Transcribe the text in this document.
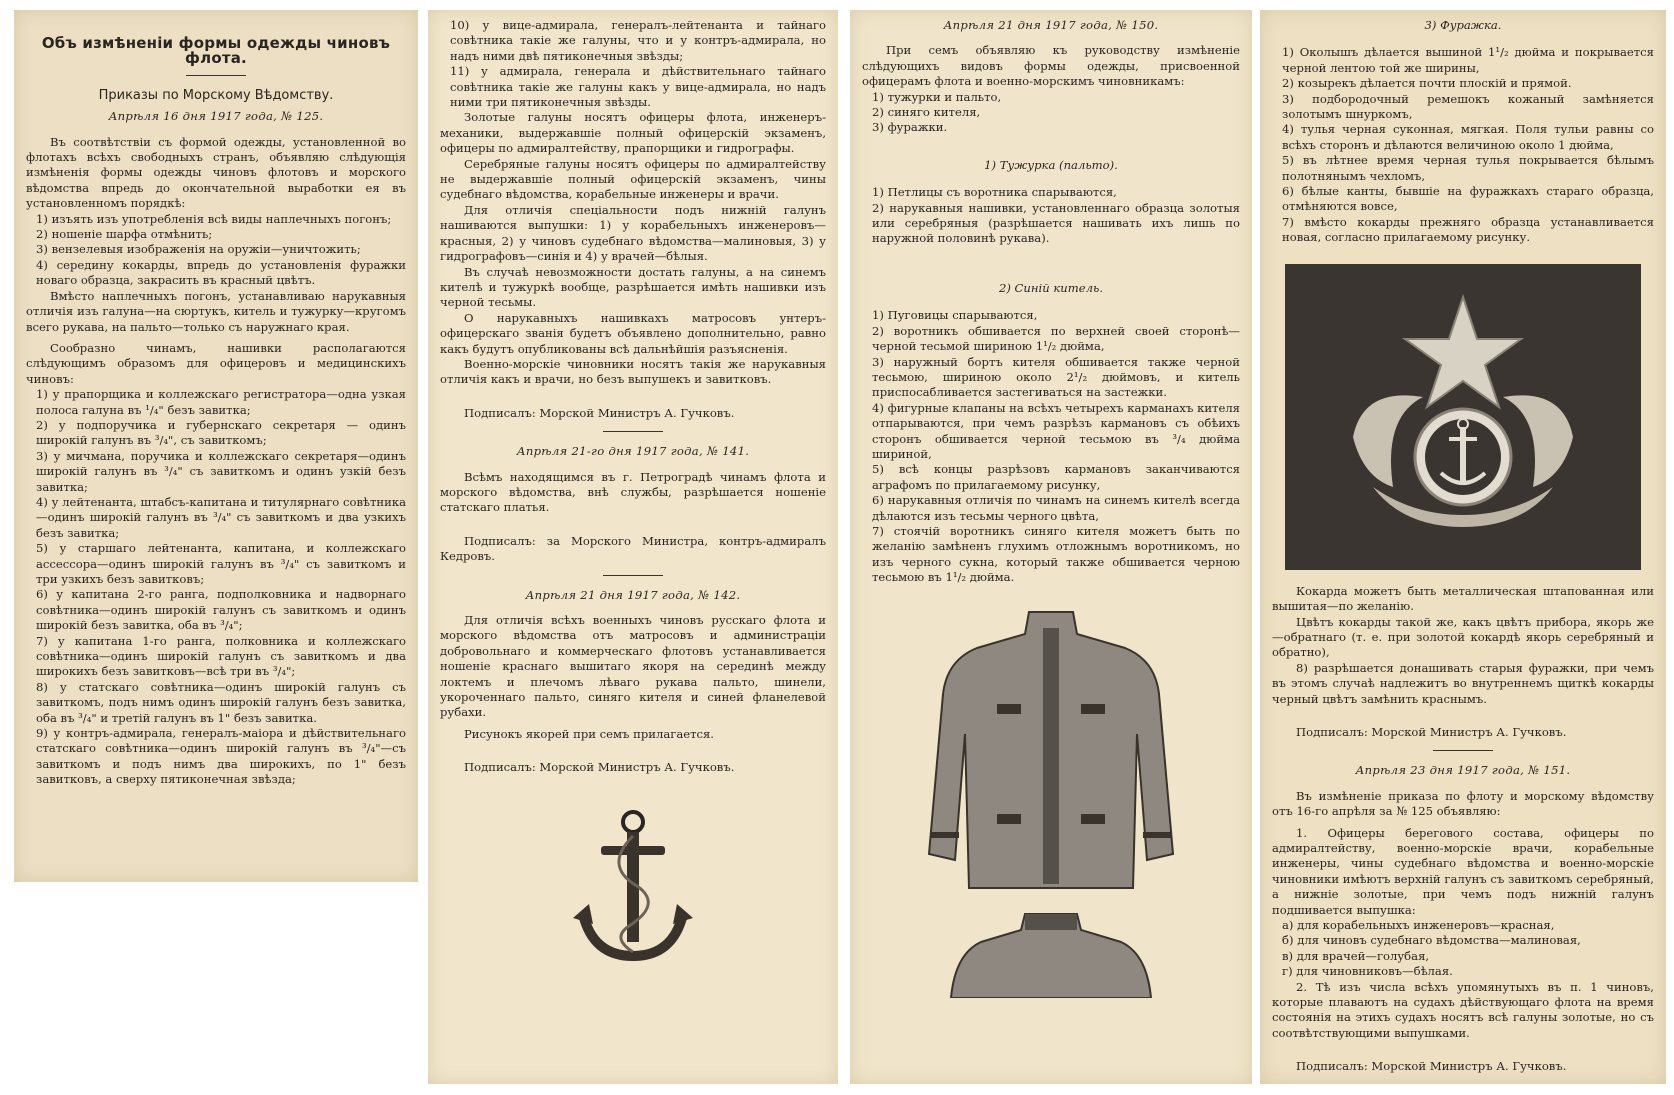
Объ измѣненіи формы одежды чиновъ флота.
Приказы по Морскому Вѣдомству.
Апрѣля 16 дня 1917 года, № 125.

Въ соотвѣтствіи съ формой одежды, установленной во флотахъ всѣхъ свободныхъ странъ, объявляю слѣдующія измѣненія формы одежды чиновъ флотовъ и морского вѣдомства впредь до окончательной выработки ея въ установленномъ порядкѣ:

1) изъять изъ употребленія всѣ виды наплечныхъ погонъ;

2) ношеніе шарфа отмѣнить;

3) вензелевыя изображенія на оружіи—уничтожить;

4) середину кокарды, впредь до установленія фуражки новаго образца, закрасить въ красный цвѣтъ.

Вмѣсто наплечныхъ погонъ, устанавливаю нарукавныя отличія изъ галуна—на сюртукъ, китель и тужурку—кругомъ всего рукава, на пальто—только съ наружнаго края.

Сообразно чинамъ, нашивки располагаются слѣдующимъ образомъ для офицеровъ и медицинскихъ чиновъ:

1) у прапорщика и коллежскаго регистратора—одна узкая полоса галуна въ ¹/₄" безъ завитка;

2) у подпоручика и губернскаго секретаря — одинъ широкій галунъ въ ³/₄", съ завиткомъ;

3) у мичмана, поручика и коллежскаго секретаря—одинъ широкій галунъ въ ³/₄" съ завиткомъ и одинъ узкій безъ завитка;

4) у лейтенанта, штабсъ-капитана и титулярнаго совѣтника—одинъ широкій галунъ въ ³/₄" съ завиткомъ и два узкихъ безъ завитка;

5) у старшаго лейтенанта, капитана, и коллежскаго ассессора—одинъ широкій галунъ въ ³/₄" съ завиткомъ и три узкихъ безъ завитковъ;

6) у капитана 2-го ранга, подполковника и надворнаго совѣтника—одинъ широкій галунъ съ завиткомъ и одинъ широкій безъ завитка, оба въ ³/₄";

7) у капитана 1-го ранга, полковника и коллежскаго совѣтника—одинъ широкій галунъ съ завиткомъ и два широкихъ безъ завитковъ—всѣ три въ ³/₄";

8) у статскаго совѣтника—одинъ широкій галунъ съ завиткомъ, подъ нимъ одинъ широкій галунъ безъ завитка, оба въ ³/₄" и третій галунъ въ 1" безъ завитка.

9) у контръ-адмирала, генералъ-маіора и дѣйствительнаго статскаго совѣтника—одинъ широкій галунъ въ ³/₄"—съ завиткомъ и подъ нимъ два широкихъ, по 1" безъ завитковъ, а сверху пятиконечная звѣзда;

10) у вице-адмирала, генералъ-лейтенанта и тайнаго совѣтника такіе же галуны, что и у контръ-адмирала, но надъ ними двѣ пятиконечныя звѣзды;

11) у адмирала, генерала и дѣйствительнаго тайнаго совѣтника такіе же галуны какъ у вице-адмирала, но надъ ними три пятиконечныя звѣзды.

Золотые галуны носятъ офицеры флота, инженеръ-механики, выдержавшіе полный офицерскій экзаменъ, офицеры по адмиралтейству, прапорщики и гидрографы.

Серебряные галуны носятъ офицеры по адмиралтейству не выдержавшіе полный офицерскій экзаменъ, чины судебнаго вѣдомства, корабельные инженеры и врачи.

Для отличія спеціальности подъ нижній галунъ нашиваются выпушки: 1) у корабельныхъ инженеровъ—красныя, 2) у чиновъ судебнаго вѣдомства—малиновыя, 3) у гидрографовъ—синія и 4) у врачей—бѣлыя.

Въ случаѣ невозможности достать галуны, а на синемъ кителѣ и тужуркѣ вообще, разрѣшается имѣть нашивки изъ черной тесьмы.

О нарукавныхъ нашивкахъ матросовъ унтеръ-офицерскаго званія будетъ объявлено дополнительно, равно какъ будутъ опубликованы всѣ дальнѣйшія разъясненія.

Военно-морскіе чиновники носятъ такія же нарукавныя отличія какъ и врачи, но безъ выпушекъ и завитковъ.

Подписалъ: Морской Министръ А. Гучковъ.

Апрѣля 21-го дня 1917 года, № 141.

Всѣмъ находящимся въ г. Петроградѣ чинамъ флота и морского вѣдомства, внѣ службы, разрѣшается ношеніе статскаго платья.

Подписалъ: за Морского Министра, контръ-адмиралъ Кедровъ.

Апрѣля 21 дня 1917 года, № 142.

Для отличія всѣхъ военныхъ чиновъ русскаго флота и морского вѣдомства отъ матросовъ и администраціи добровольнаго и коммерческаго флотовъ устанавливается ношеніе краснаго вышитаго якоря на серединѣ между локтемъ и плечомъ лѣваго рукава пальто, шинели, укороченнаго пальто, синяго кителя и синей фланелевой рубахи.

Рисунокъ якорей при семъ прилагается.

Подписалъ: Морской Министръ А. Гучковъ.

Апрѣля 21 дня 1917 года, № 150.

При семъ объявляю къ руководству измѣненіе слѣдующихъ видовъ формы одежды, присвоенной офицерамъ флота и военно-морскимъ чиновникамъ:

1) тужурки и пальто,

2) синяго кителя,

3) фуражки.

1) Тужурка (пальто).

1) Петлицы съ воротника спарываются,

2) нарукавныя нашивки, установленнаго образца золотыя или серебряныя (разрѣшается нашивать ихъ лишь по наружной половинѣ рукава).

2) Синій китель.

1) Пуговицы спарываются,

2) воротникъ обшивается по верхней своей сторонѣ—черной тесьмой шириною 1¹/₂ дюйма,

3) наружный бортъ кителя обшивается также черной тесьмою, шириною около 2¹/₂ дюймовъ, и китель приспосабливается застегиваться на застежки.

4) фигурные клапаны на всѣхъ четырехъ карманахъ кителя отпарываются, при чемъ разрѣзъ кармановъ съ обѣихъ сторонъ обшивается черной тесьмою въ ³/₄ дюйма шириной,

5) всѣ концы разрѣзовъ кармановъ заканчиваются аграфомъ по прилагаемому рисунку,

6) нарукавныя отличія по чинамъ на синемъ кителѣ всегда дѣлаются изъ тесьмы черного цвѣта,

7) стоячій воротникъ синяго кителя можетъ быть по желанію замѣненъ глухимъ отложнымъ воротникомъ, но изъ черного сукна, который также обшивается черною тесьмою въ 1¹/₂ дюйма.

3) Фуражка.

1) Околышъ дѣлается вышиной 1¹/₂ дюйма и покрывается черной лентою той же ширины,

2) козырекъ дѣлается почти плоскій и прямой.

3) подбородочный ремешокъ кожаный замѣняется золотымъ шнуркомъ,

4) тулья черная суконная, мягкая. Поля тульи равны со всѣхъ сторонъ и дѣлаются величиною около 1 дюйма,

5) въ лѣтнее время черная тулья покрывается бѣлымъ полотнянымъ чехломъ,

6) бѣлые канты, бывшіе на фуражкахъ стараго образца, отмѣняются вовсе,

7) вмѣсто кокарды прежняго образца устанавливается новая, согласно прилагаемому рисунку.

Кокарда можетъ быть металлическая штапованная или вышитая—по желанію.

Цвѣтъ кокарды такой же, какъ цвѣтъ прибора, якорь же—обратнаго (т. е. при золотой кокардѣ якорь серебряный и обратно),

8) разрѣшается донашивать старыя фуражки, при чемъ въ этомъ случаѣ надлежитъ во внутреннемъ щиткѣ кокарды черный цвѣтъ замѣнить краснымъ.

Подписалъ: Морской Министръ А. Гучковъ.

Апрѣля 23 дня 1917 года, № 151.

Въ измѣненіе приказа по флоту и морскому вѣдомству отъ 16-го апрѣля за № 125 объявляю:

1. Офицеры берегового состава, офицеры по адмиралтейству, военно-морскіе врачи, корабельные инженеры, чины судебнаго вѣдомства и военно-морскіе чиновники имѣютъ верхній галунъ съ завиткомъ серебряный, а нижніе золотые, при чемъ подъ нижній галунъ подшивается выпушка:

а) для корабельныхъ инженеровъ—красная,

б) для чиновъ судебнаго вѣдомства—малиновая,

в) для врачей—голубая,

г) для чиновниковъ—бѣлая.

2. Тѣ изъ числа всѣхъ упомянутыхъ въ п. 1 чиновъ, которые плаваютъ на судахъ дѣйствующаго флота на время состоянія на этихъ судахъ носятъ всѣ галуны золотые, но съ соотвѣтствующими выпушками.

Подписалъ: Морской Министръ А. Гучковъ.
